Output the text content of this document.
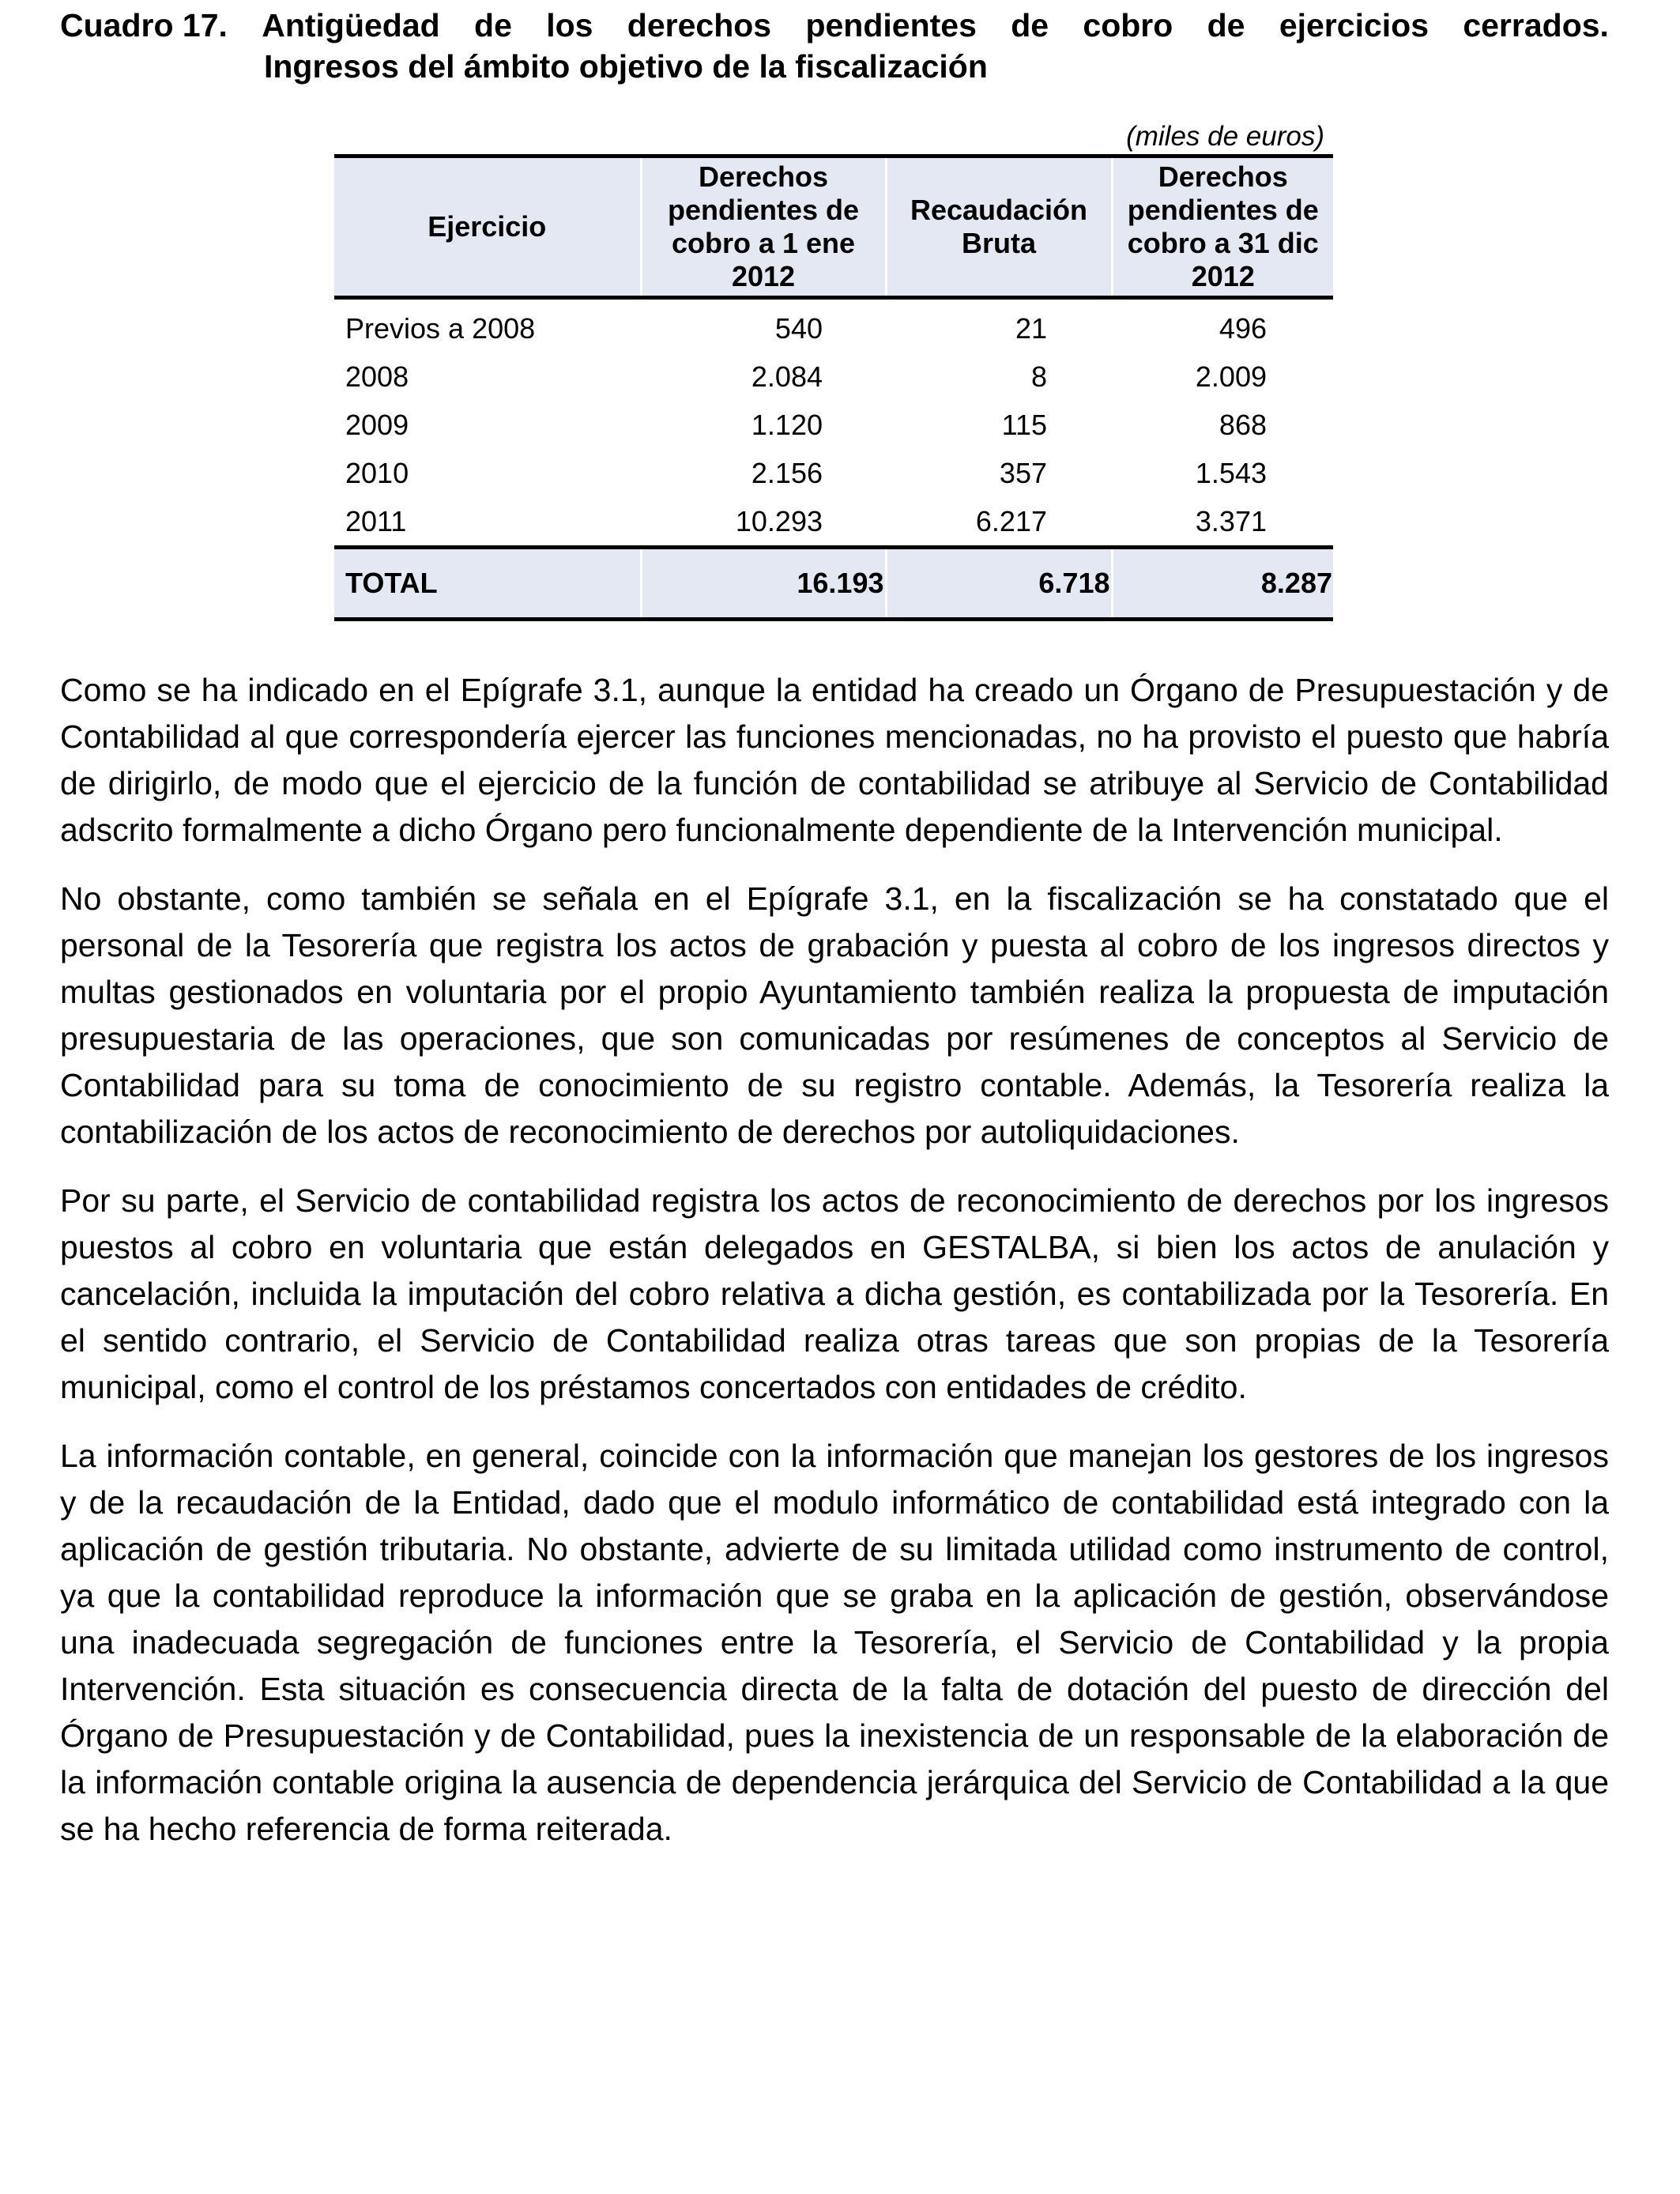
Cuadro 17. Antigüedad de los derechos pendientes de cobro de ejercicios cerrados.
Ingresos del ámbito objetivo de la fiscalización
(miles de euros)
Ejercicio	Derechos pendientes de cobro a 1 ene 2012	Recaudación Bruta	Derechos pendientes de cobro a 31 dic 2012
Previos a 2008	540	21	496
2008	2.084	8	2.009
2009	1.120	115	868
2010	2.156	357	1.543
2011	10.293	6.217	3.371
TOTAL	16.193	6.718	8.287

Como se ha indicado en el Epígrafe 3.1, aunque la entidad ha creado un Órgano de Presupuestación y de Contabilidad al que correspondería ejercer las funciones mencionadas, no ha provisto el puesto que habría de dirigirlo, de modo que el ejercicio de la función de contabilidad se atribuye al Servicio de Contabilidad adscrito formalmente a dicho Órgano pero funcionalmente dependiente de la Intervención municipal.

No obstante, como también se señala en el Epígrafe 3.1, en la fiscalización se ha constatado que el personal de la Tesorería que registra los actos de grabación y puesta al cobro de los ingresos directos y multas gestionados en voluntaria por el propio Ayuntamiento también realiza la propuesta de imputación presupuestaria de las operaciones, que son comunicadas por resúmenes de conceptos al Servicio de Contabilidad para su toma de conocimiento de su registro contable. Además, la Tesorería realiza la contabilización de los actos de reconocimiento de derechos por autoliquidaciones.

Por su parte, el Servicio de contabilidad registra los actos de reconocimiento de derechos por los ingresos puestos al cobro en voluntaria que están delegados en GESTALBA, si bien los actos de anulación y cancelación, incluida la imputación del cobro relativa a dicha gestión, es contabilizada por la Tesorería. En el sentido contrario, el Servicio de Contabilidad realiza otras tareas que son propias de la Tesorería municipal, como el control de los préstamos concertados con entidades de crédito.

La información contable, en general, coincide con la información que manejan los gestores de los ingresos y de la recaudación de la Entidad, dado que el modulo informático de contabilidad está integrado con la aplicación de gestión tributaria. No obstante, advierte de su limitada utilidad como instrumento de control, ya que la contabilidad reproduce la información que se graba en la aplicación de gestión, observándose una inadecuada segregación de funciones entre la Tesorería, el Servicio de Contabilidad y la propia Intervención. Esta situación es consecuencia directa de la falta de dotación del puesto de dirección del Órgano de Presupuestación y de Contabilidad, pues la inexistencia de un responsable de la elaboración de la información contable origina la ausencia de dependencia jerárquica del Servicio de Contabilidad a la que se ha hecho referencia de forma reiterada.
